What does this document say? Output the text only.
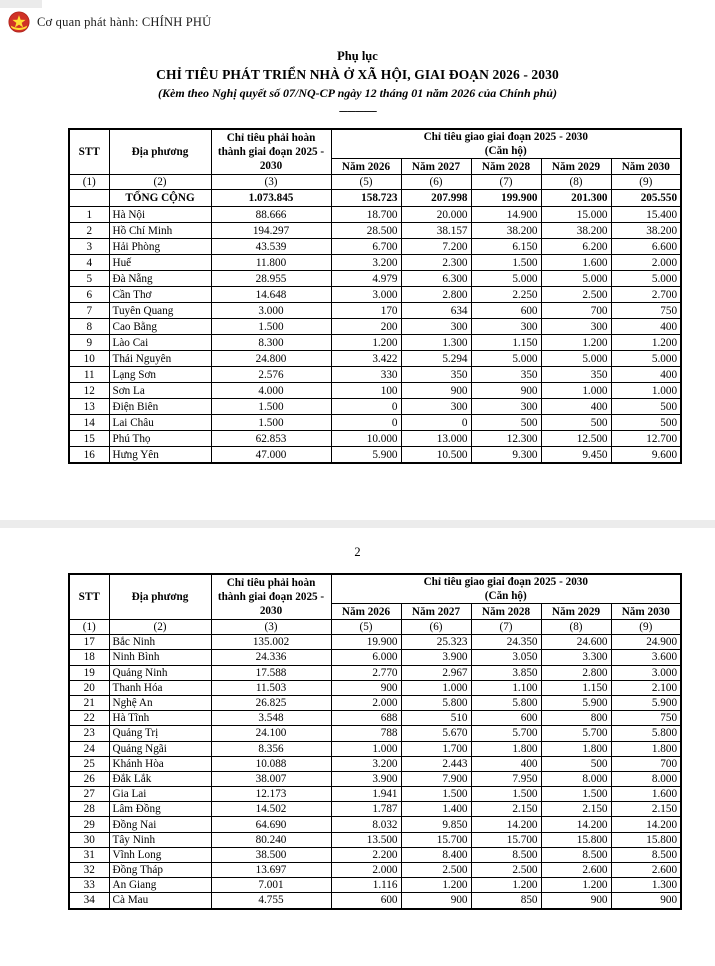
Cơ quan phát hành: CHÍNH PHỦ
Phụ lục
CHỈ TIÊU PHÁT TRIỂN NHÀ Ở XÃ HỘI, GIAI ĐOẠN 2026 - 2030
(Kèm theo Nghị quyết số 07/NQ-CP ngày 12 tháng 01 năm 2026 của Chính phủ)
--------------
STT	Địa phương	Chỉ tiêu phải hoàn thành giai đoạn 2025 - 2030	Chỉ tiêu giao giai đoạn 2025 - 2030
(Căn hộ)				
			Năm 2026	Năm 2027	Năm 2028	Năm 2029	Năm 2030
(1)	(2)	(3)	(5)	(6)	(7)	(8)	(9)
	TỔNG CỘNG	1.073.845	158.723	207.998	199.900	201.300	205.550
1	Hà Nội	88.666	18.700	20.000	14.900	15.000	15.400
2	Hồ Chí Minh	194.297	28.500	38.157	38.200	38.200	38.200
3	Hải Phòng	43.539	6.700	7.200	6.150	6.200	6.600
4	Huế	11.800	3.200	2.300	1.500	1.600	2.000
5	Đà Nẵng	28.955	4.979	6.300	5.000	5.000	5.000
6	Cần Thơ	14.648	3.000	2.800	2.250	2.500	2.700
7	Tuyên Quang	3.000	170	634	600	700	750
8	Cao Bằng	1.500	200	300	300	300	400
9	Lào Cai	8.300	1.200	1.300	1.150	1.200	1.200
10	Thái Nguyên	24.800	3.422	5.294	5.000	5.000	5.000
11	Lạng Sơn	2.576	330	350	350	350	400
12	Sơn La	4.000	100	900	900	1.000	1.000
13	Điện Biên	1.500	0	300	300	400	500
14	Lai Châu	1.500	0	0	500	500	500
15	Phú Thọ	62.853	10.000	13.000	12.300	12.500	12.700
16	Hưng Yên	47.000	5.900	10.500	9.300	9.450	9.600
2
STT	Địa phương	Chỉ tiêu phải hoàn thành giai đoạn 2025 - 2030	Chỉ tiêu giao giai đoạn 2025 - 2030
(Căn hộ)				
			Năm 2026	Năm 2027	Năm 2028	Năm 2029	Năm 2030
(1)	(2)	(3)	(5)	(6)	(7)	(8)	(9)
17	Bắc Ninh	135.002	19.900	25.323	24.350	24.600	24.900
18	Ninh Bình	24.336	6.000	3.900	3.050	3.300	3.600
19	Quảng Ninh	17.588	2.770	2.967	3.850	2.800	3.000
20	Thanh Hóa	11.503	900	1.000	1.100	1.150	2.100
21	Nghệ An	26.825	2.000	5.800	5.800	5.900	5.900
22	Hà Tĩnh	3.548	688	510	600	800	750
23	Quảng Trị	24.100	788	5.670	5.700	5.700	5.800
24	Quảng Ngãi	8.356	1.000	1.700	1.800	1.800	1.800
25	Khánh Hòa	10.088	3.200	2.443	400	500	700
26	Đắk Lắk	38.007	3.900	7.900	7.950	8.000	8.000
27	Gia Lai	12.173	1.941	1.500	1.500	1.500	1.600
28	Lâm Đồng	14.502	1.787	1.400	2.150	2.150	2.150
29	Đồng Nai	64.690	8.032	9.850	14.200	14.200	14.200
30	Tây Ninh	80.240	13.500	15.700	15.700	15.800	15.800
31	Vĩnh Long	38.500	2.200	8.400	8.500	8.500	8.500
32	Đồng Tháp	13.697	2.000	2.500	2.500	2.600	2.600
33	An Giang	7.001	1.116	1.200	1.200	1.200	1.300
34	Cà Mau	4.755	600	900	850	900	900
